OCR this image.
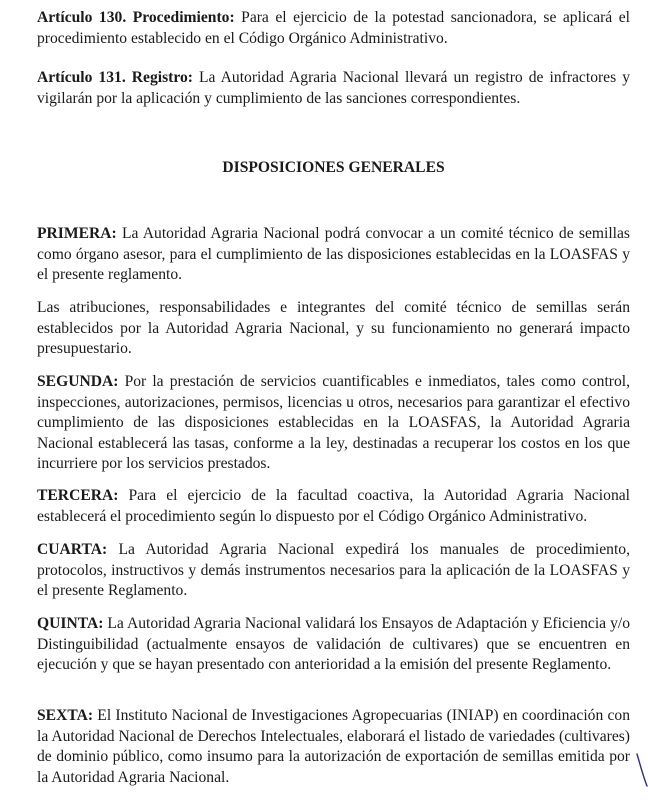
Artículo 130. Procedimiento: Para el ejercicio de la potestad sancionadora, se aplicará el procedimiento establecido en el Código Orgánico Administrativo.

Artículo 131. Registro: La Autoridad Agraria Nacional llevará un registro de infractores y vigilarán por la aplicación y cumplimiento de las sanciones correspondientes.

DISPOSICIONES GENERALES

PRIMERA: La Autoridad Agraria Nacional podrá convocar a un comité técnico de semillas como órgano asesor, para el cumplimiento de las disposiciones establecidas en la LOASFAS y el presente reglamento.

Las atribuciones, responsabilidades e integrantes del comité técnico de semillas serán establecidos por la Autoridad Agraria Nacional, y su funcionamiento no generará impacto presupuestario.

SEGUNDA: Por la prestación de servicios cuantificables e inmediatos, tales como control, inspecciones, autorizaciones, permisos, licencias u otros, necesarios para garantizar el efectivo cumplimiento de las disposiciones establecidas en la LOASFAS, la Autoridad Agraria Nacional establecerá las tasas, conforme a la ley, destinadas a recuperar los costos en los que incurriere por los servicios prestados.

TERCERA: Para el ejercicio de la facultad coactiva, la Autoridad Agraria Nacional establecerá el procedimiento según lo dispuesto por el Código Orgánico Administrativo.

CUARTA: La Autoridad Agraria Nacional expedirá los manuales de procedimiento, protocolos, instructivos y demás instrumentos necesarios para la aplicación de la LOASFAS y el presente Reglamento.

QUINTA: La Autoridad Agraria Nacional validará los Ensayos de Adaptación y Eficiencia y/o Distinguibilidad (actualmente ensayos de validación de cultivares) que se encuentren en ejecución y que se hayan presentado con anterioridad a la emisión del presente Reglamento.

SEXTA: El Instituto Nacional de Investigaciones Agropecuarias (INIAP) en coordinación con la Autoridad Nacional de Derechos Intelectuales, elaborará el listado de variedades (cultivares) de dominio público, como insumo para la autorización de exportación de semillas emitida por la Autoridad Agraria Nacional.
